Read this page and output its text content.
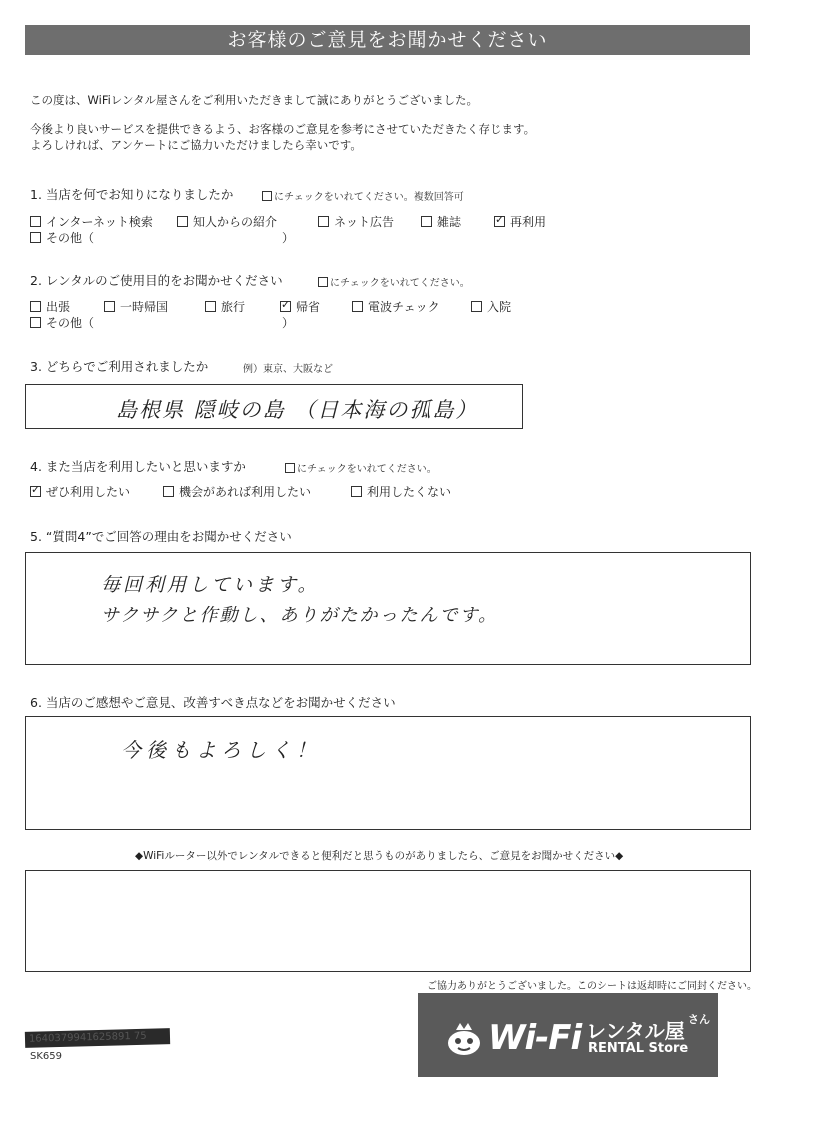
お客様のご意見をお聞かせください
この度は、WiFiレンタル屋さんをご利用いただきまして誠にありがとうございました。
今後より良いサービスを提供できるよう、お客様のご意見を参考にさせていただきたく存じます。
よろしければ、アンケートにご協力いただけましたら幸いです。
1. 当店を何でお知りになりましたか	にチェックをいれてください。複数回答可
インターネット検索	知人からの紹介	ネット広告	雑誌 ✓	再利用
その他（	）
2. レンタルのご使用目的をお聞かせください	にチェックをいれてください。
出張	一時帰国	旅行 ✓	帰省	電波チェック	入院
その他（	）
3. どちらでご利用されましたか	例）東京、大阪など
島根県 隠岐の島 （日本海の孤島）
4. また当店を利用したいと思いますか	にチェックをいれてください。
✓
ぜひ利用したい	機会があれば利用したい	利用したくない
5. “質問4”でご回答の理由をお聞かせください
毎回利用しています。
サクサクと作動し、ありがたかったんです。
6. 当店のご感想やご意見、改善すべき点などをお聞かせください
今後もよろしく！
◆WiFiルーター以外でレンタルできると便利だと思うものがありましたら、ご意見をお聞かせください◆
ご協力ありがとうございました。このシートは返却時にご同封ください。
1640379941625891 75
SK659	Wi-Fi レンタル屋 さん
RENTAL Store
